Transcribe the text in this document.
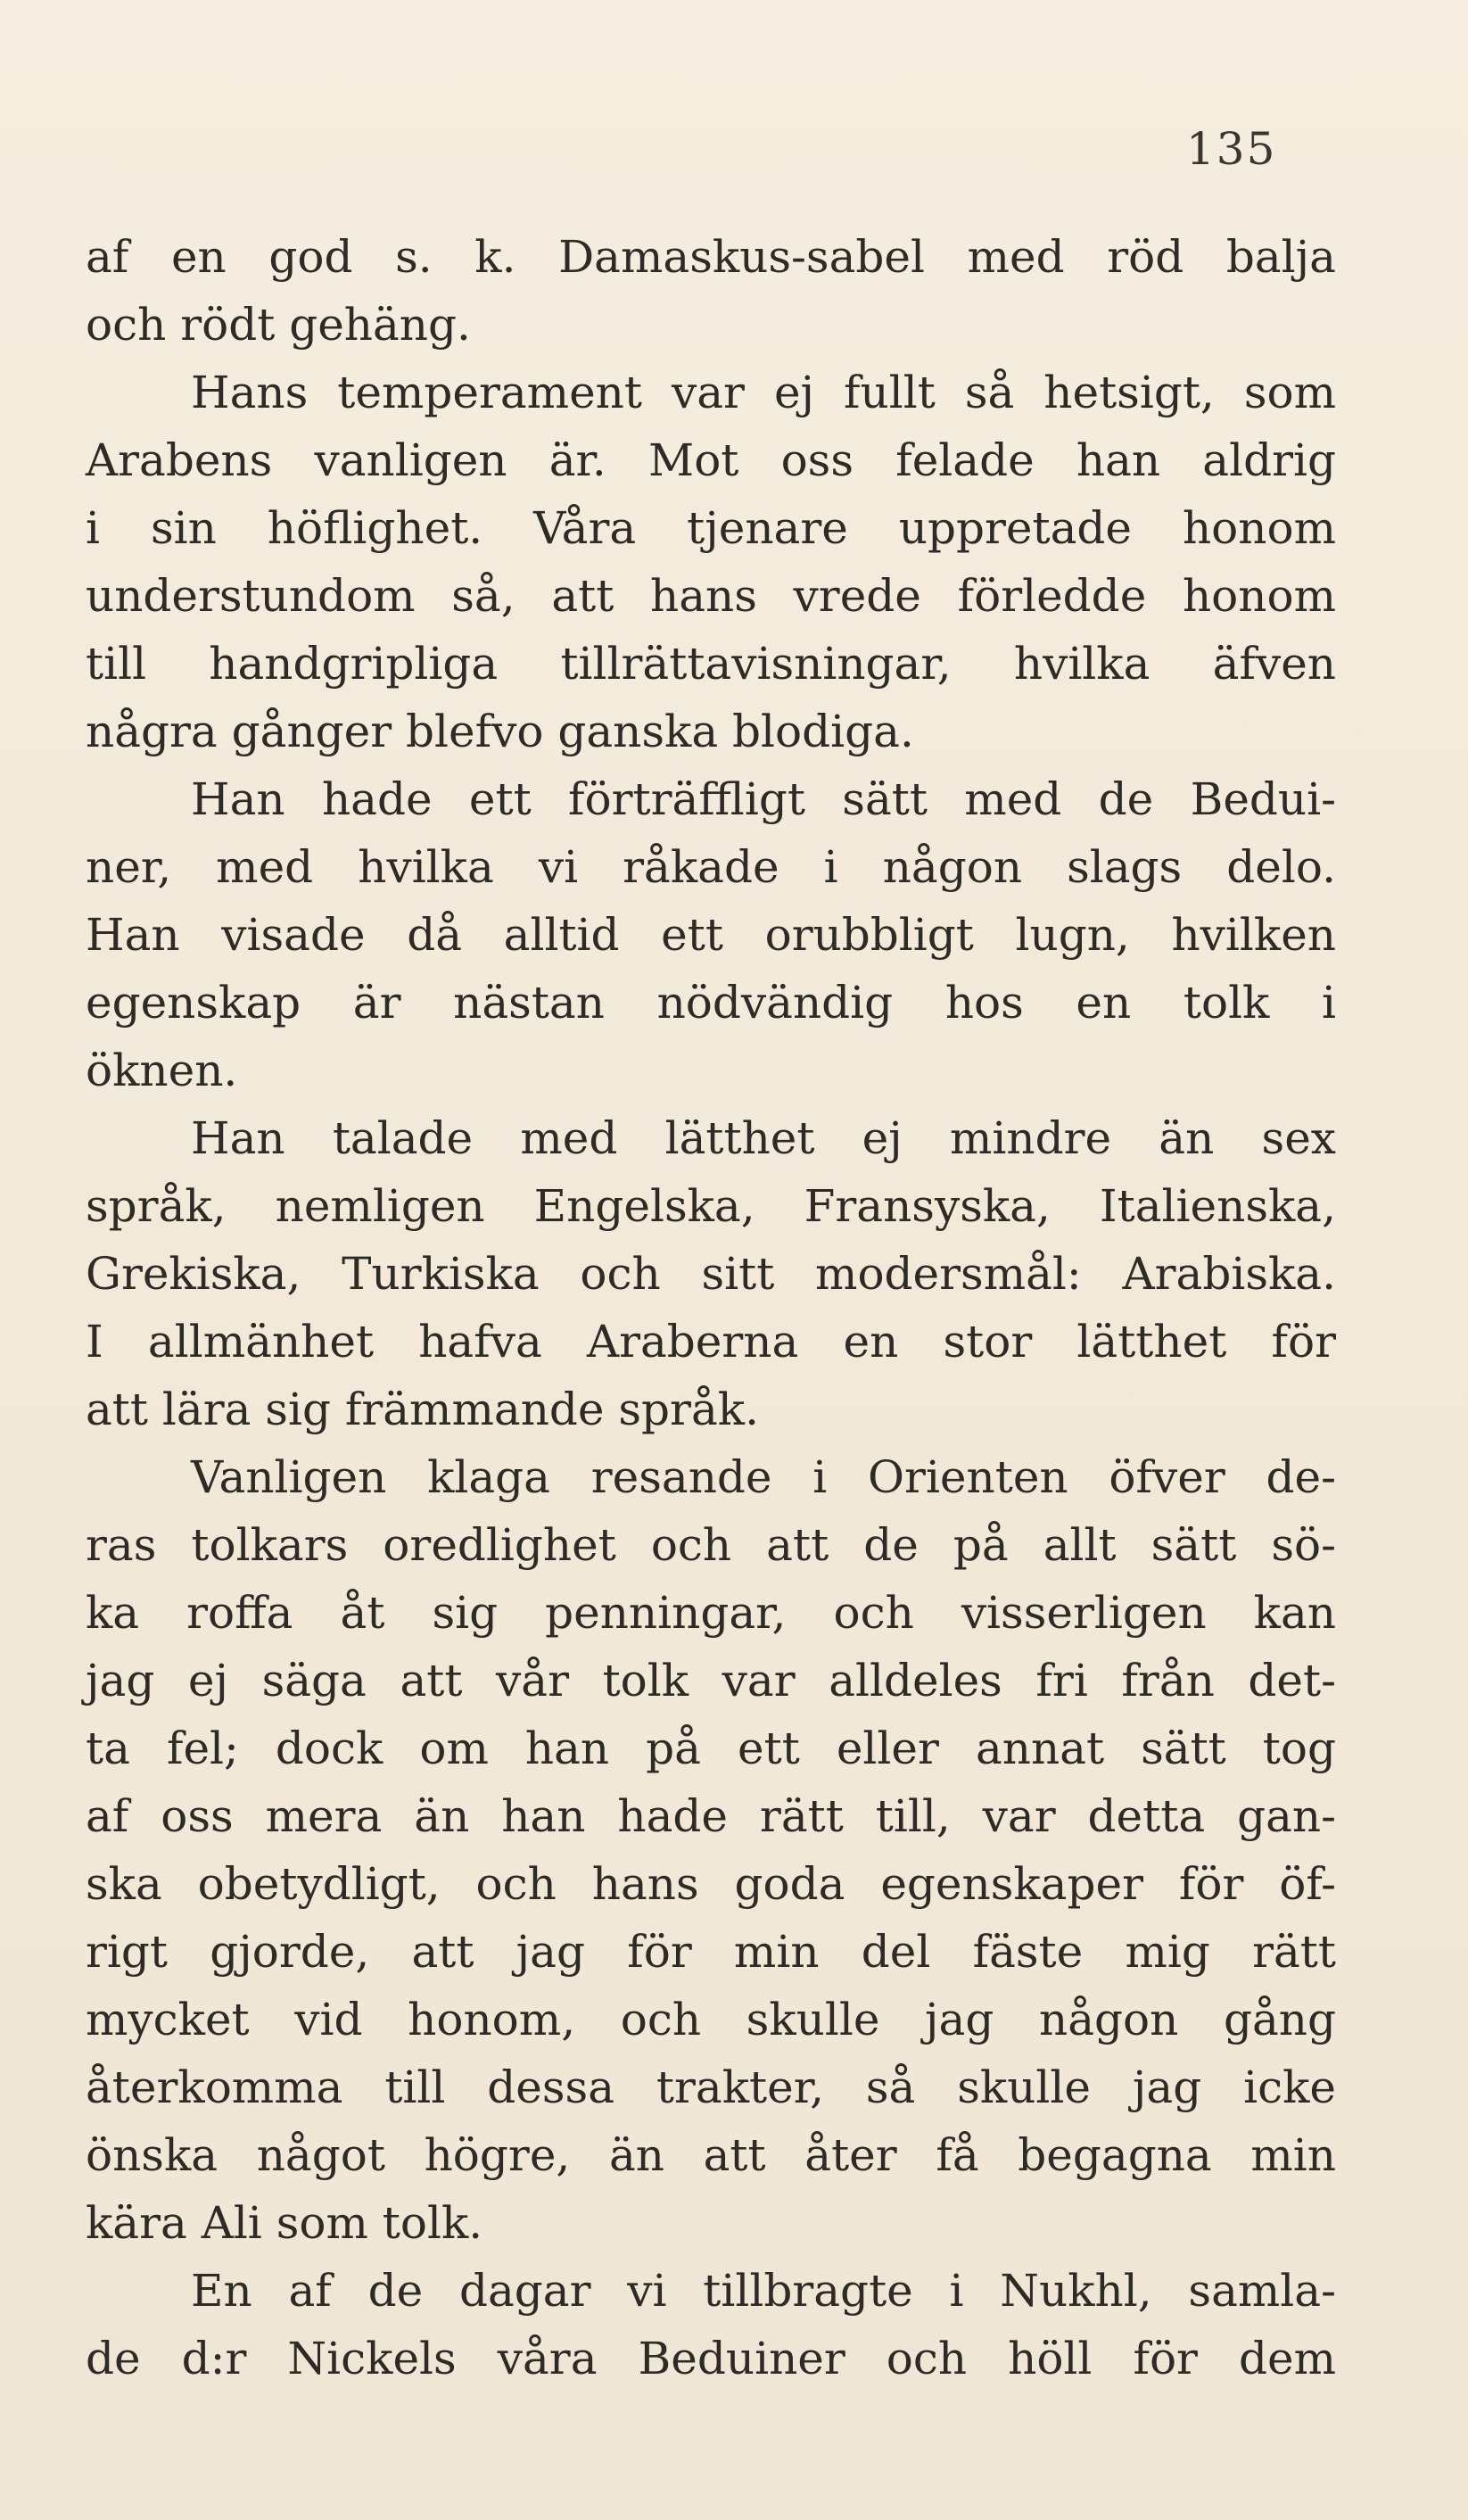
135
af en god s. k. Damaskus-sabel med röd balja
och rödt gehäng.
Hans temperament var ej fullt så hetsigt, som
Arabens vanligen är. Mot oss felade han aldrig
i sin höflighet. Våra tjenare uppretade honom
understundom så, att hans vrede förledde honom
till handgripliga tillrättavisningar, hvilka äfven
några gånger blefvo ganska blodiga.
Han hade ett förträffligt sätt med de Bedui-
ner, med hvilka vi råkade i någon slags delo.
Han visade då alltid ett orubbligt lugn, hvilken
egenskap är nästan nödvändig hos en tolk i
öknen.
Han talade med lätthet ej mindre än sex
språk, nemligen Engelska, Fransyska, Italienska,
Grekiska, Turkiska och sitt modersmål: Arabiska.
I allmänhet hafva Araberna en stor lätthet för
att lära sig främmande språk.
Vanligen klaga resande i Orienten öfver de-
ras tolkars oredlighet och att de på allt sätt sö-
ka roffa åt sig penningar, och visserligen kan
jag ej säga att vår tolk var alldeles fri från det-
ta fel; dock om han på ett eller annat sätt tog
af oss mera än han hade rätt till, var detta gan-
ska obetydligt, och hans goda egenskaper för öf-
rigt gjorde, att jag för min del fäste mig rätt
mycket vid honom, och skulle jag någon gång
återkomma till dessa trakter, så skulle jag icke
önska något högre, än att åter få begagna min
kära Ali som tolk.
En af de dagar vi tillbragte i Nukhl, samla-
de d:r Nickels våra Beduiner och höll för dem
